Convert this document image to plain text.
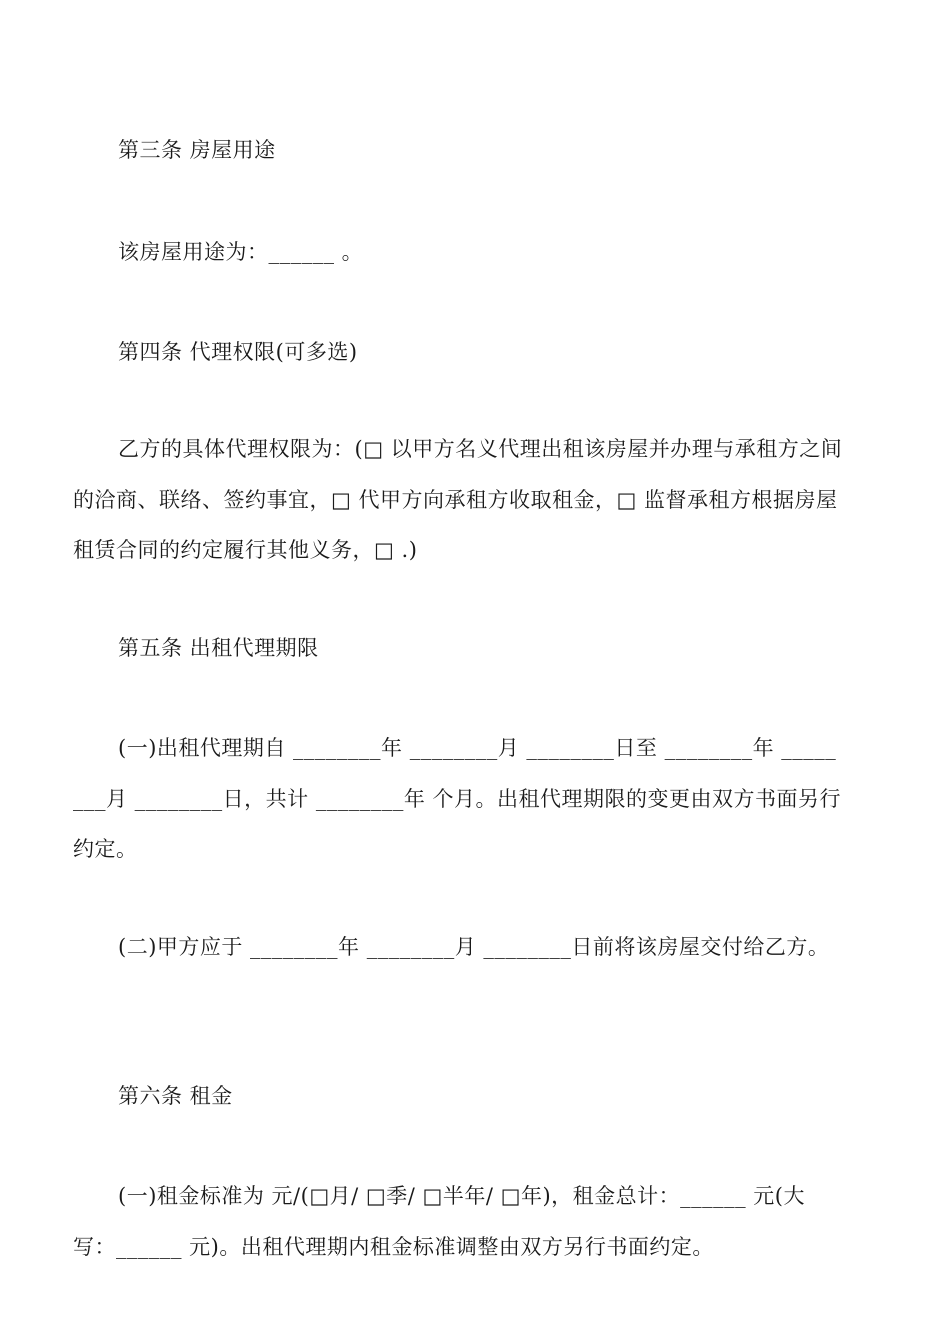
第三条 房屋用途
该房屋用途为：______ 。
第四条 代理权限(可多选)
乙方的具体代理权限为：(□ 以甲方名义代理出租该房屋并办理与承租方之间
的洽商、联络、签约事宜，□ 代甲方向承租方收取租金，□ 监督承租方根据房屋
租赁合同的约定履行其他义务，□ .)
第五条 出租代理期限
(一)出租代理期自 ________年 ________月 ________日至 ________年 _____
___月 ________日，共计 ________年 个月。出租代理期限的变更由双方书面另行
约定。
(二)甲方应于 ________年 ________月 ________日前将该房屋交付给乙方。
第六条 租金
(一)租金标准为 元/(□月/ □季/ □半年/ □年)，租金总计：______ 元(大
写：______ 元)。出租代理期内租金标准调整由双方另行书面约定。
